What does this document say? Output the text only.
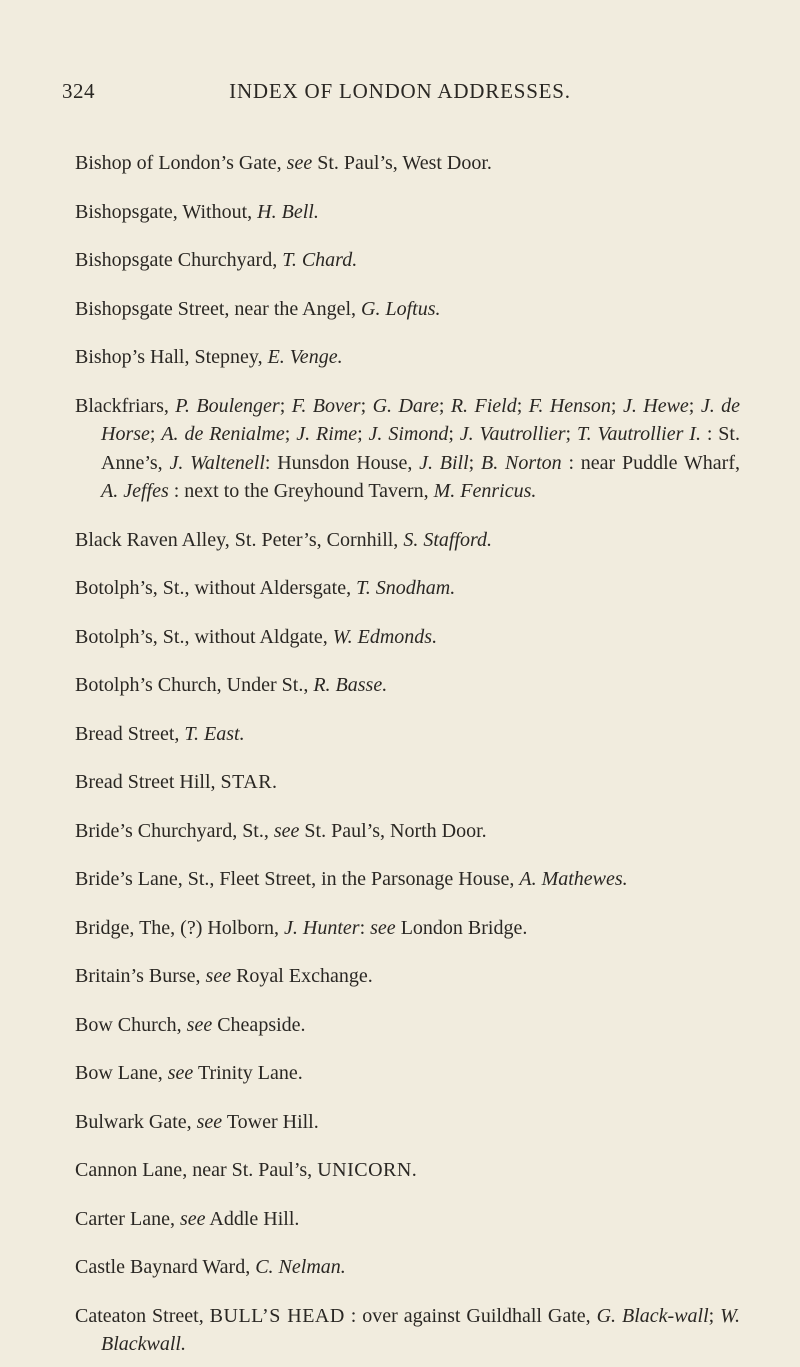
324	INDEX OF LONDON ADDRESSES.

Bishop of London’s Gate, see St. Paul’s, West Door.

Bishopsgate, Without, H. Bell.

Bishopsgate Churchyard, T. Chard.

Bishopsgate Street, near the Angel, G. Loftus.

Bishop’s Hall, Stepney, E. Venge.

Blackfriars, P. Boulenger; F. Bover; G. Dare; R. Field; F. Henson; J. Hewe; J. de Horse; A. de Renialme; J. Rime; J. Simond; J. Vautrollier; T. Vautrollier I. : St. Anne’s, J. Waltenell: Hunsdon House, J. Bill; B. Norton : near Puddle Wharf, A. Jeffes : next to the Greyhound Tavern, M. Fenricus.

Black Raven Alley, St. Peter’s, Cornhill, S. Stafford.

Botolph’s, St., without Aldersgate, T. Snodham.

Botolph’s, St., without Aldgate, W. Edmonds.

Botolph’s Church, Under St., R. Basse.

Bread Street, T. East.

Bread Street Hill, STAR.

Bride’s Churchyard, St., see St. Paul’s, North Door.

Bride’s Lane, St., Fleet Street, in the Parsonage House, A. Mathewes.

Bridge, The, (?) Holborn, J. Hunter: see London Bridge.

Britain’s Burse, see Royal Exchange.

Bow Church, see Cheapside.

Bow Lane, see Trinity Lane.

Bulwark Gate, see Tower Hill.

Cannon Lane, near St. Paul’s, UNICORN.

Carter Lane, see Addle Hill.

Castle Baynard Ward, C. Nelman.

Cateaton Street, BULL’S HEAD : over against Guildhall Gate, G. Black-wall; W. Blackwall.
